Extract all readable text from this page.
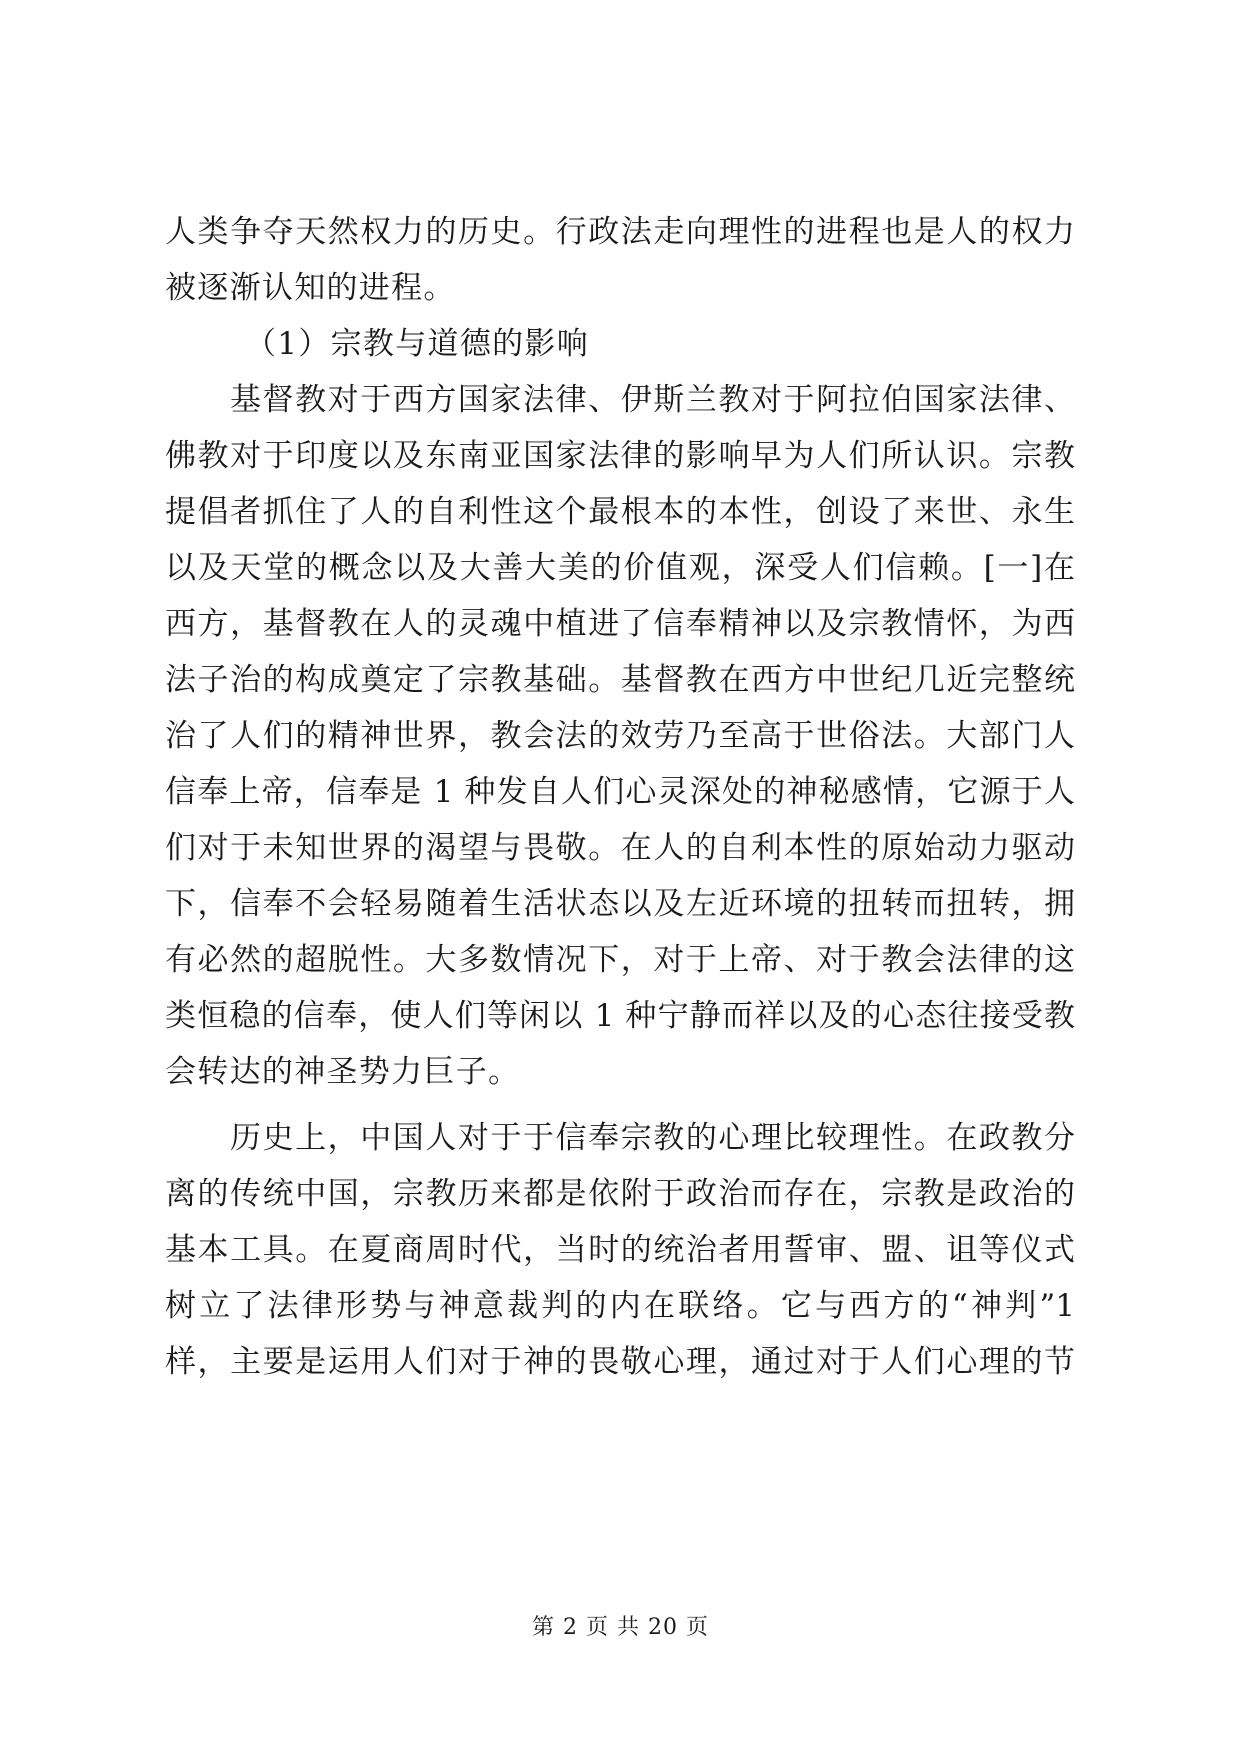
人类争夺天然权力的历史。行政法走向理性的进程也是人的权力
被逐渐认知的进程。
（1）宗教与道德的影响
基督教对于西方国家法律、伊斯兰教对于阿拉伯国家法律、
佛教对于印度以及东南亚国家法律的影响早为人们所认识。宗教
提倡者抓住了人的自利性这个最根本的本性，创设了来世、永生
以及天堂的概念以及大善大美的价值观，深受人们信赖。[一]在
西方，基督教在人的灵魂中植进了信奉精神以及宗教情怀，为西
法子治的构成奠定了宗教基础。基督教在西方中世纪几近完整统
治了人们的精神世界，教会法的效劳乃至高于世俗法。大部门人
信奉上帝，信奉是 1 种发自人们心灵深处的神秘感情，它源于人
们对于未知世界的渴望与畏敬。在人的自利本性的原始动力驱动
下，信奉不会轻易随着生活状态以及左近环境的扭转而扭转，拥
有必然的超脱性。大多数情况下，对于上帝、对于教会法律的这
类恒稳的信奉，使人们等闲以 1 种宁静而祥以及的心态往接受教
会转达的神圣势力巨子。
历史上，中国人对于于信奉宗教的心理比较理性。在政教分
离的传统中国，宗教历来都是依附于政治而存在，宗教是政治的
基本工具。在夏商周时代，当时的统治者用誓审、盟、诅等仪式
树立了法律形势与神意裁判的内在联络。它与西方的“神判”1
样，主要是运用人们对于神的畏敬心理，通过对于人们心理的节
第 2 页 共 20 页
